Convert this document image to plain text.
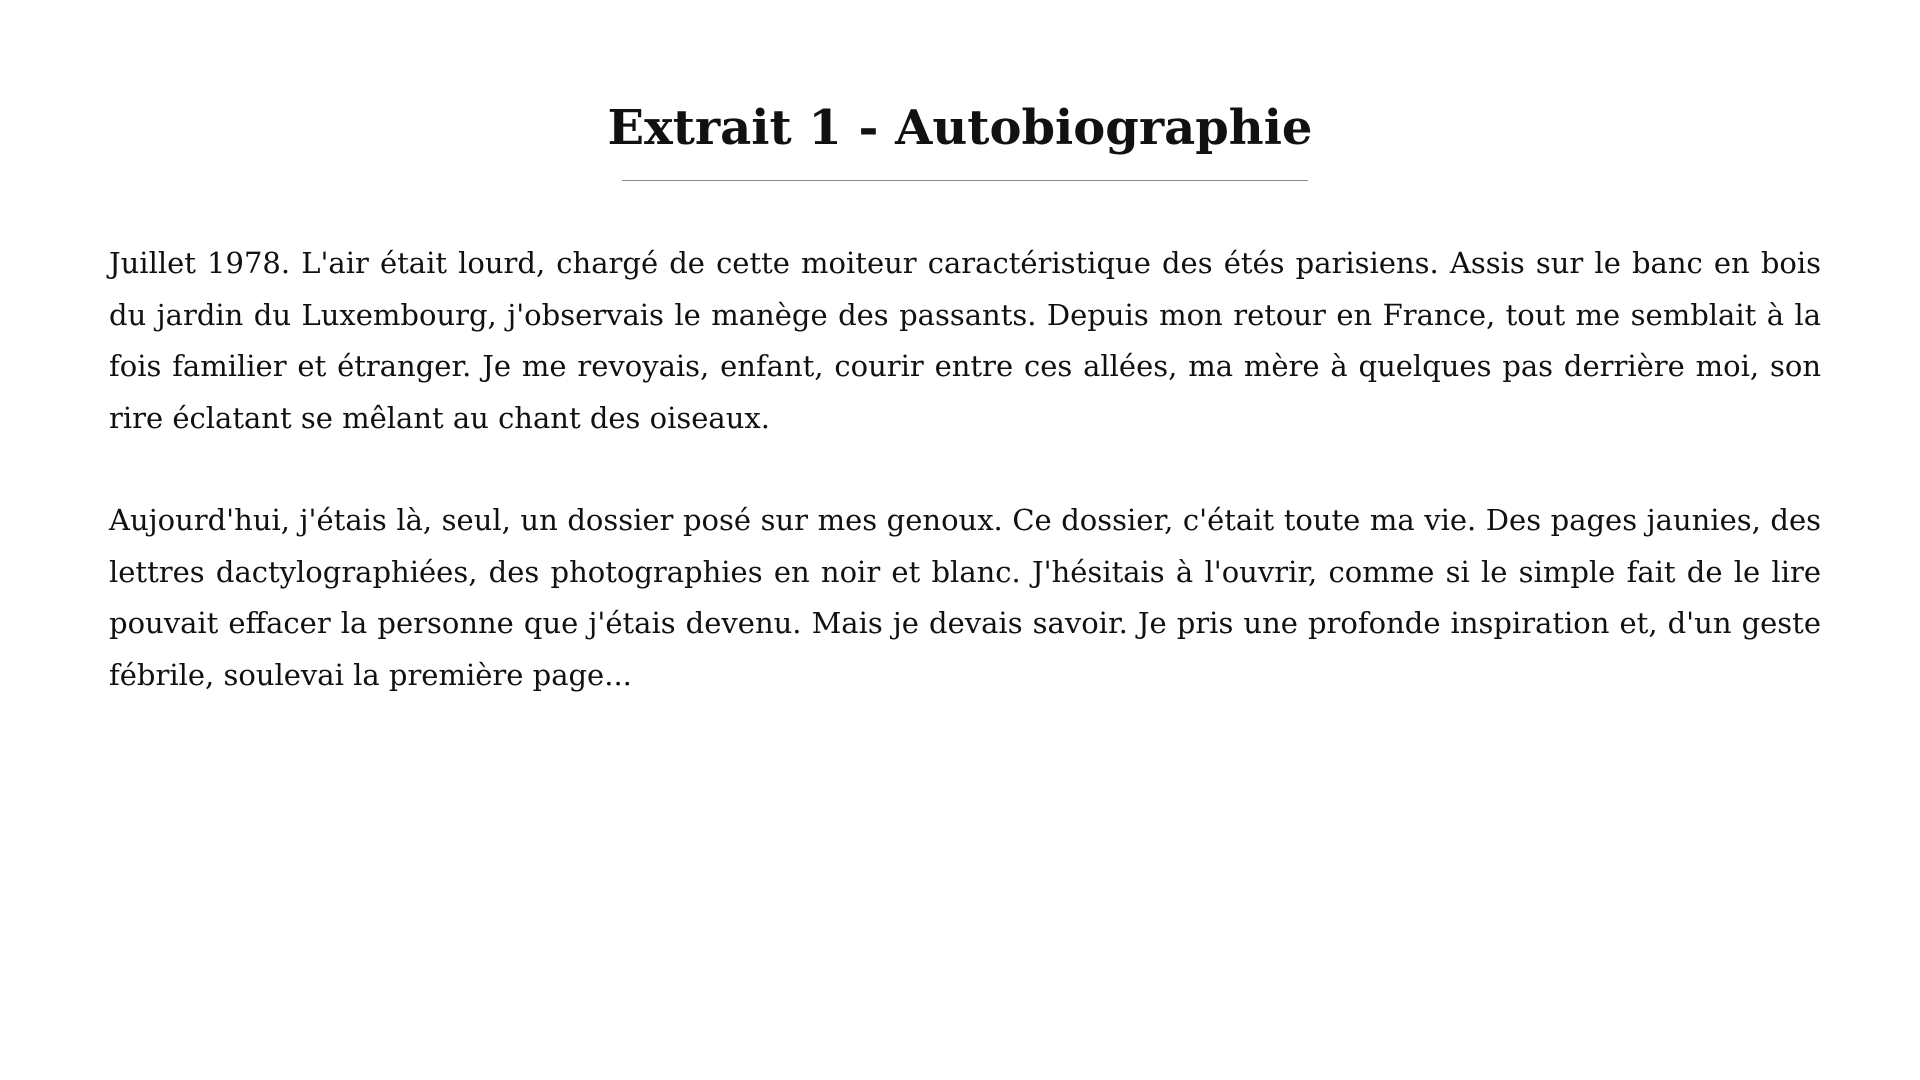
Extrait 1 - Autobiographie

Juillet 1978. L'air était lourd, chargé de cette moiteur caractéristique des étés parisiens. Assis sur le banc en bois du jardin du Luxembourg, j'observais le manège des passants. Depuis mon retour en France, tout me semblait à la fois familier et étranger. Je me revoyais, enfant, courir entre ces allées, ma mère à quelques pas derrière moi, son rire éclatant se mêlant au chant des oiseaux.

Aujourd'hui, j'étais là, seul, un dossier posé sur mes genoux. Ce dossier, c'était toute ma vie. Des pages jaunies, des lettres dactylographiées, des photographies en noir et blanc. J'hésitais à l'ouvrir, comme si le simple fait de le lire pouvait effacer la personne que j'étais devenu. Mais je devais savoir. Je pris une profonde inspiration et, d'un geste fébrile, soulevai la première page...
